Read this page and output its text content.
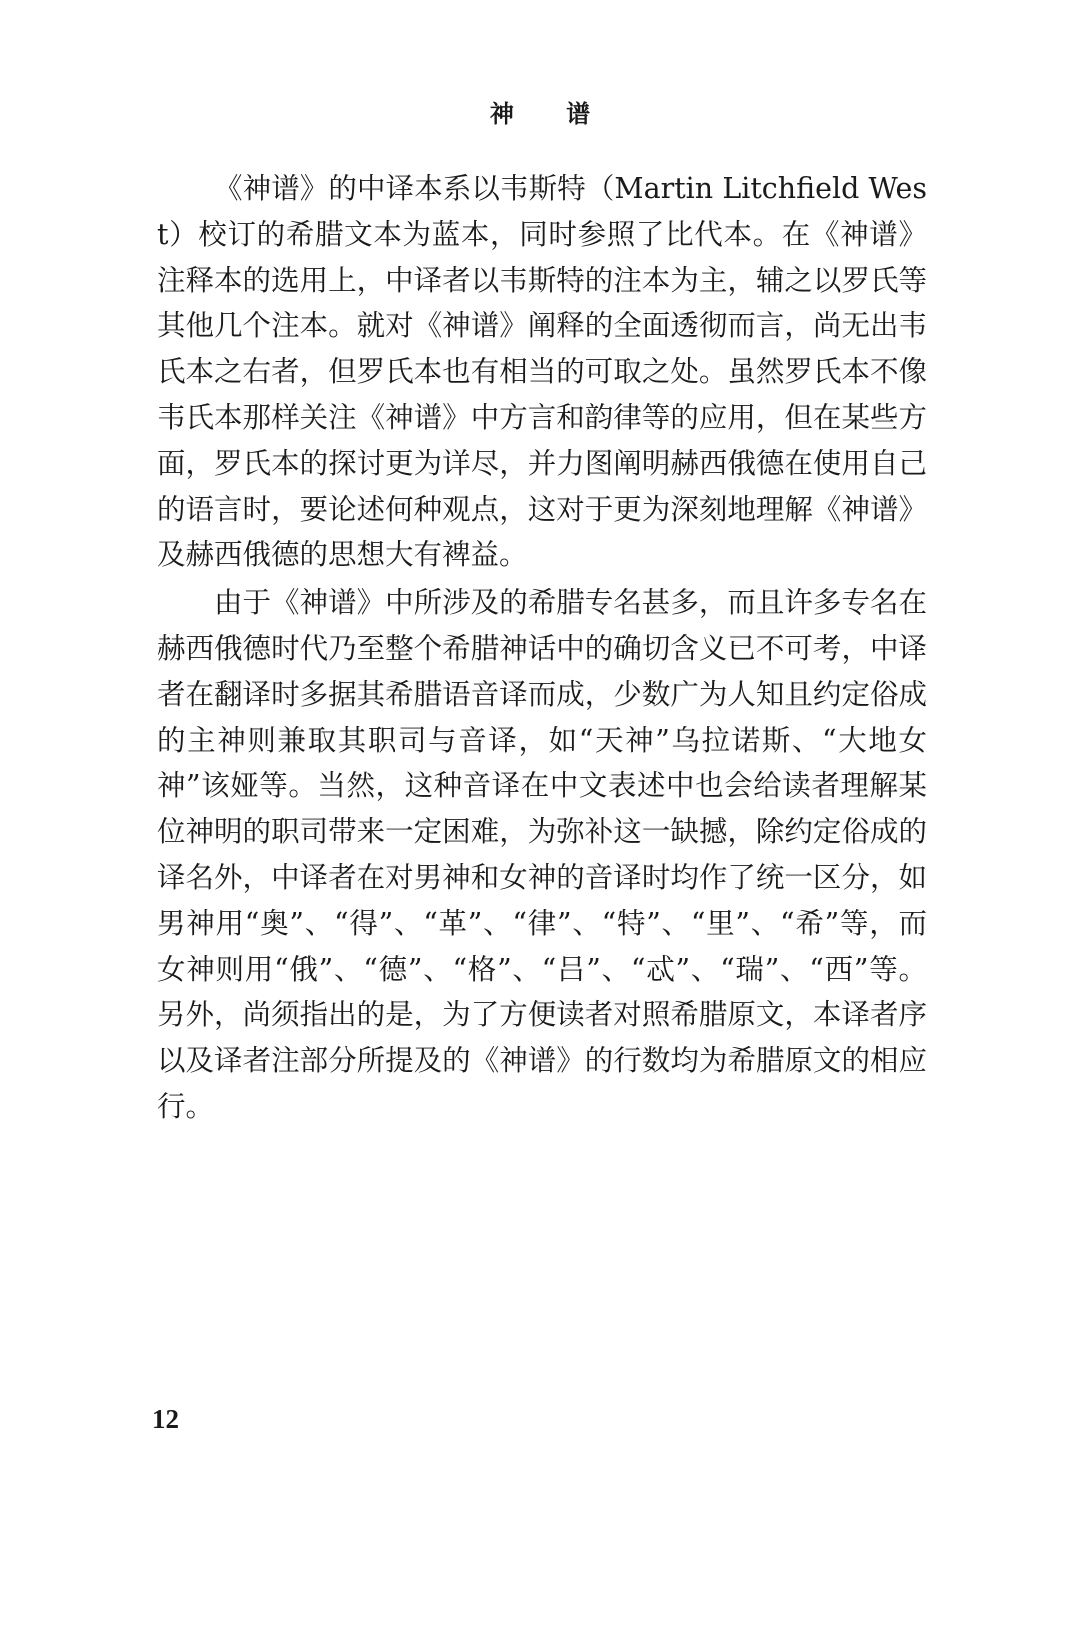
神 谱

《神谱》的中译本系以韦斯特（Martin Litchfield West）校订的希腊文本为蓝本，同时参照了比代本。在《神谱》注释本的选用上，中译者以韦斯特的注本为主，辅之以罗氏等其他几个注本。就对《神谱》阐释的全面透彻而言，尚无出韦氏本之右者，但罗氏本也有相当的可取之处。虽然罗氏本不像韦氏本那样关注《神谱》中方言和韵律等的应用，但在某些方面，罗氏本的探讨更为详尽，并力图阐明赫西俄德在使用自己的语言时，要论述何种观点，这对于更为深刻地理解《神谱》及赫西俄德的思想大有裨益。

由于《神谱》中所涉及的希腊专名甚多，而且许多专名在赫西俄德时代乃至整个希腊神话中的确切含义已不可考，中译者在翻译时多据其希腊语音译而成，少数广为人知且约定俗成的主神则兼取其职司与音译，如“天神”乌拉诺斯、“大地女神”该娅等。当然，这种音译在中文表述中也会给读者理解某位神明的职司带来一定困难，为弥补这一缺撼，除约定俗成的译名外，中译者在对男神和女神的音译时均作了统一区分，如男神用“奥”、“得”、“革”、“律”、“特”、“里”、“希”等，而女神则用“俄”、“德”、“格”、“吕”、“忒”、“瑞”、“西”等。另外，尚须指出的是，为了方便读者对照希腊原文，本译者序以及译者注部分所提及的《神谱》的行数均为希腊原文的相应行。

12
